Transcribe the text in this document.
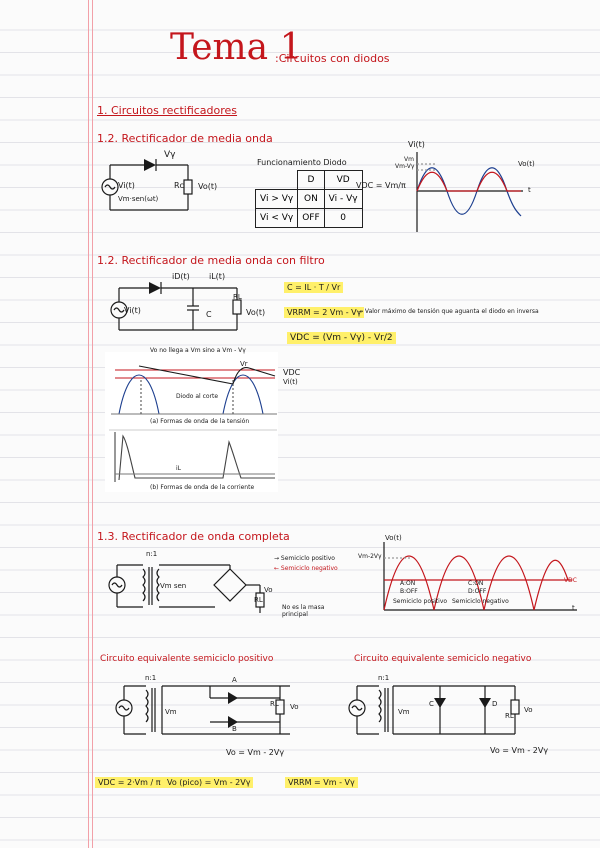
Tema 1
:Circuitos con diodos
1. Circuitos rectificadores
1.2. Rectificador de media onda
Vγ
Vi(t)
Vm·sen(ωt)
Rc Vo(t)
Funcionamiento Diodo
	D	VD
Vi > Vγ	ON	Vi - Vγ
Vi < Vγ	OFF	0
VDC = Vm/π
Vi(t)
Vm
Vm-Vγ	Vo(t)
t
1.2. Rectificador de media onda con filtro
iD(t) iL(t)
Vi(t)	C
RL
Vo(t)
C = IL · T / Vr
VRRM = 2 Vm - Vγ
→ Valor máximo de tensión que aguanta el diodo en inversa
VDC = (Vm - Vγ) - Vr/2
Vo no llega a Vm sino a Vm - Vγ
Vr
VDC
Vi(t)
Diodo al corte
(a) Formas de onda de la tensión
iL
(b) Formas de onda de la corriente
1.3. Rectificador de onda completa
n:1
Vm sen
→ Semiciclo positivo
← Semiciclo negativo
RL
Vo
No es la masa principal
Vo(t)
Vm-2Vγ
VDC
t
A:ON
B:OFF
C:ON
D:OFF
Semiciclo positivo Semiciclo negativo
Circuito equivalente semiciclo positivo	Circuito equivalente semiciclo negativo
n:1
Vm
A
B
RL Vo
Vo = Vm - 2Vγ
n:1
Vm
C	D
RL
Vo
Vo = Vm - 2Vγ
VDC = 2·Vm / π Vo (pico) = Vm - 2Vγ	VRRM = Vm - Vγ
